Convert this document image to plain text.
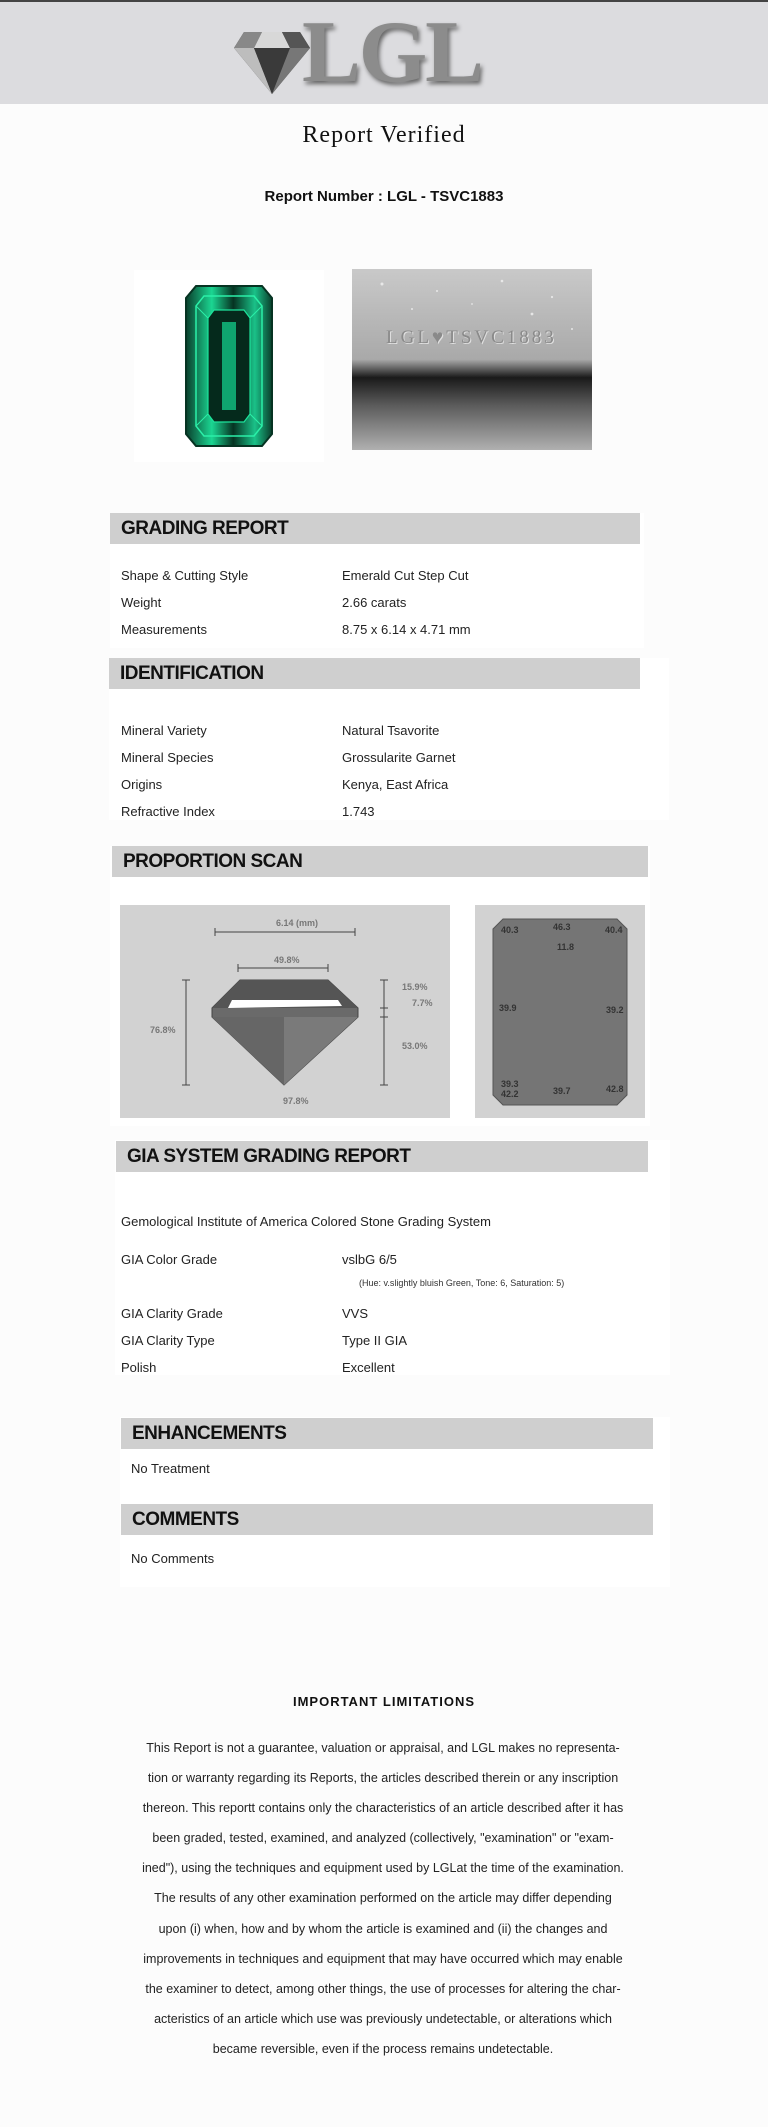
LGL
Report Verified
Report Number : LGL - TSVC1883
LGL♥TSVC1883
GRADING REPORT
Shape & Cutting Style	Emerald Cut Step Cut
Weight	2.66 carats
Measurements	8.75 x 6.14 x 4.71 mm
IDENTIFICATION
Mineral Variety	Natural Tsavorite
Mineral Species	Grossularite Garnet
Origins	Kenya, East Africa
Refractive Index	1.743
PROPORTION SCAN
6.14 (mm)
49.8%
15.9%
7.7%
53.0%
76.8%
97.8%
40.3	46.3	40.4
11.8
39.9	39.2
39.3
42.2	39.7	42.8
GIA SYSTEM GRADING REPORT
Gemological Institute of America Colored Stone Grading System
GIA Color Grade	vslbG 6/5
(Hue: v.slightly bluish Green, Tone: 6, Saturation: 5)
GIA Clarity Grade	VVS
GIA Clarity Type	Type II GIA
Polish	Excellent
ENHANCEMENTS
No Treatment
COMMENTS
No Comments
IMPORTANT LIMITATIONS
This Report is not a guarantee, valuation or appraisal, and LGL makes no representa-
tion or warranty regarding its Reports, the articles described therein or any inscription
thereon. This reportt contains only the characteristics of an article described after it has
been graded, tested, examined, and analyzed (collectively, "examination" or "exam-
ined"), using the techniques and equipment used by LGLat the time of the examination.
The results of any other examination performed on the article may differ depending
upon (i) when, how and by whom the article is examined and (ii) the changes and
improvements in techniques and equipment that may have occurred which may enable
the examiner to detect, among other things, the use of processes for altering the char-
acteristics of an article which use was previously undetectable, or alterations which
became reversible, even if the process remains undetectable.
